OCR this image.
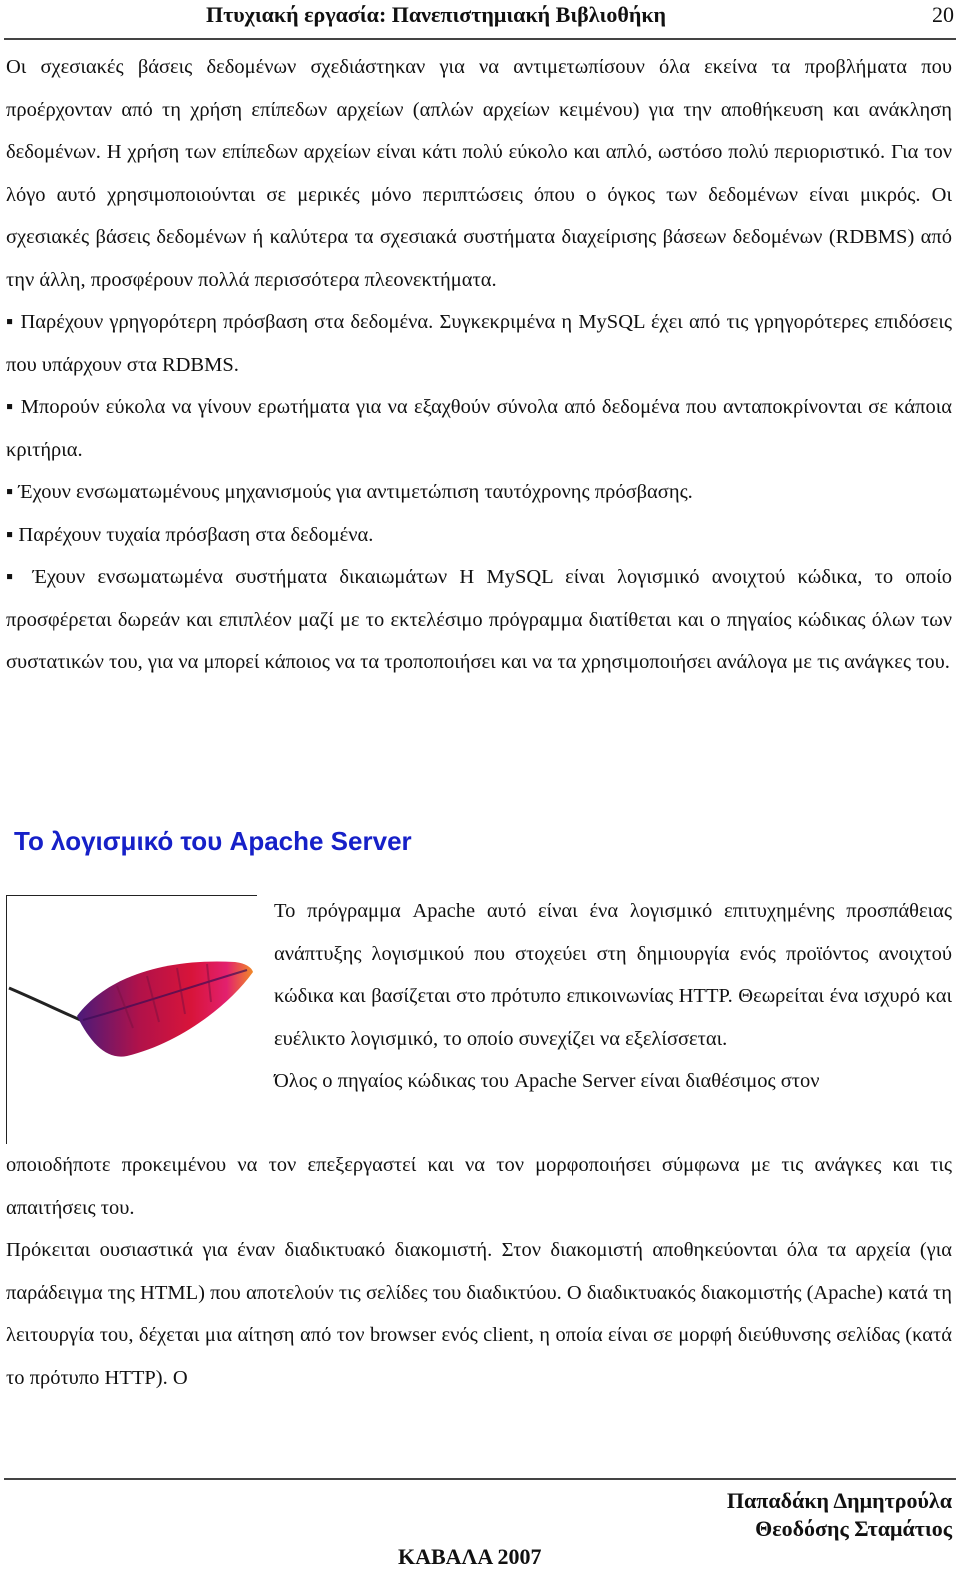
Πτυχιακή εργασία: Πανεπιστημιακή Βιβλιοθήκη	20

Οι σχεσιακές βάσεις δεδομένων σχεδιάστηκαν για να αντιμετωπίσουν όλα εκείνα τα προβλήματα που προέρχονταν από τη χρήση επίπεδων αρχείων (απλών αρχείων κειμένου) για την αποθήκευση και ανάκληση δεδομένων. Η χρήση των επίπεδων αρχείων είναι κάτι πολύ εύκολο και απλό, ωστόσο πολύ περιοριστικό. Για τον λόγο αυτό χρησιμοποιούνται σε μερικές μόνο περιπτώσεις όπου ο όγκος των δεδομένων είναι μικρός. Οι σχεσιακές βάσεις δεδομένων ή καλύτερα τα σχεσιακά συστήματα διαχείρισης βάσεων δεδομένων (RDBMS) από την άλλη, προσφέρουν πολλά περισσότερα πλεονεκτήματα.

▪ Παρέχουν γρηγορότερη πρόσβαση στα δεδομένα. Συγκεκριμένα η MySQL έχει από τις γρηγορότερες επιδόσεις που υπάρχουν στα RDBMS.

▪ Μπορούν εύκολα να γίνουν ερωτήματα για να εξαχθούν σύνολα από δεδομένα που ανταποκρίνονται σε κάποια κριτήρια.

▪ Έχουν ενσωματωμένους μηχανισμούς για αντιμετώπιση ταυτόχρονης πρόσβασης.

▪ Παρέχουν τυχαία πρόσβαση στα δεδομένα.

▪ Έχουν ενσωματωμένα συστήματα δικαιωμάτων Η MySQL είναι λογισμικό ανοιχτού κώδικα, το οποίο προσφέρεται δωρεάν και επιπλέον μαζί με το εκτελέσιμο πρόγραμμα διατίθεται και ο πηγαίος κώδικας όλων των συστατικών του, για να μπορεί κάποιος να τα τροποποιήσει και να τα χρησιμοποιήσει ανάλογα με τις ανάγκες του.

Το λογισμικό του Apache Server

Το πρόγραμμα Apache αυτό είναι ένα λογισμικό επιτυχημένης προσπάθειας ανάπτυξης λογισμικού που στοχεύει στη δημιουργία ενός προϊόντος ανοιχτού κώδικα και βασίζεται στο πρότυπο επικοινωνίας HTTP. Θεωρείται ένα ισχυρό και ευέλικτο λογισμικό, το οποίο συνεχίζει να εξελίσσεται.

Όλος ο πηγαίος κώδικας του Apache Server είναι διαθέσιμος στον

οποιοδήποτε προκειμένου να τον επεξεργαστεί και να τον μορφοποιήσει σύμφωνα με τις ανάγκες και τις απαιτήσεις του.

Πρόκειται ουσιαστικά για έναν διαδικτυακό διακομιστή. Στον διακομιστή αποθηκεύονται όλα τα αρχεία (για παράδειγμα της HTML) που αποτελούν τις σελίδες του διαδικτύου. Ο διαδικτυακός διακομιστής (Apache) κατά τη λειτουργία του, δέχεται μια αίτηση από τον browser ενός client, η οποία είναι σε μορφή διεύθυνσης σελίδας (κατά το πρότυπο HTTP). Ο

Παπαδάκη Δημητρούλα
Θεοδόσης Σταμάτιος
ΚΑΒΑΛΑ 2007
